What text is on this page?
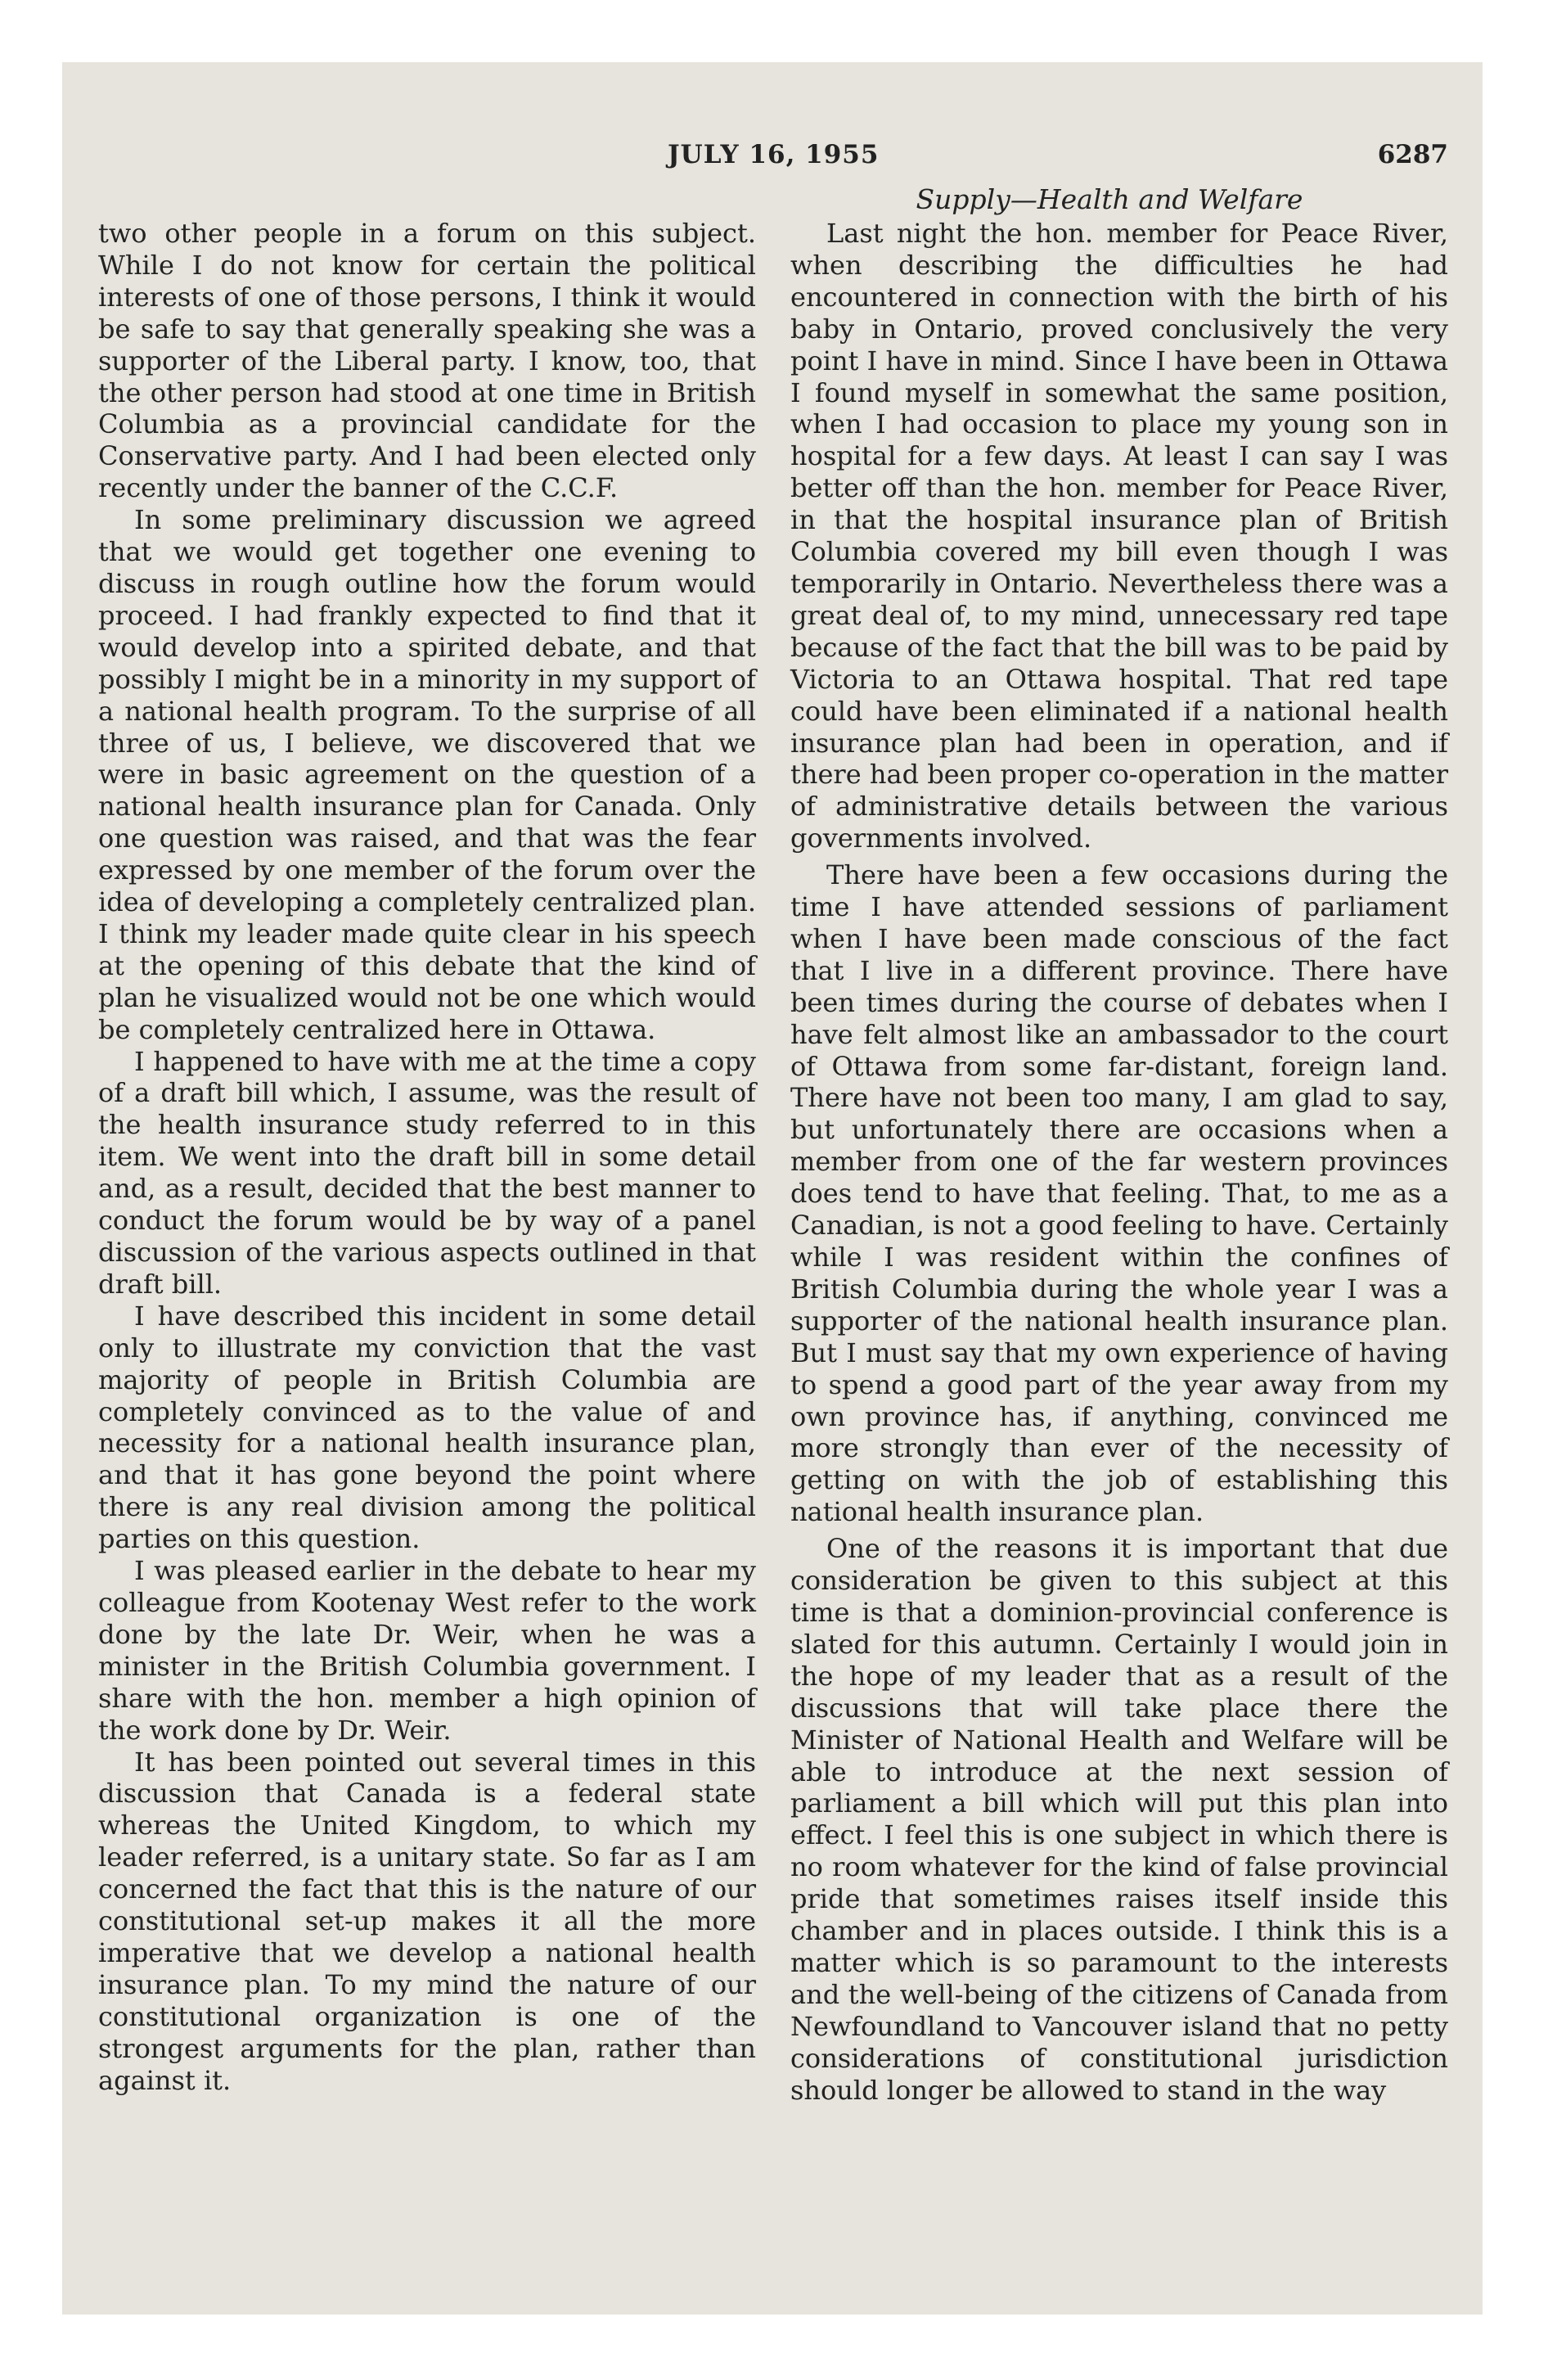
JULY 16, 1955	6287
Supply—Health and Welfare

two other people in a forum on this subject. While I do not know for certain the political interests of one of those persons, I think it would be safe to say that generally speaking she was a supporter of the Liberal party. I know, too, that the other person had stood at one time in British Columbia as a provincial candidate for the Conservative party. And I had been elected only recently under the banner of the C.C.F.

In some preliminary discussion we agreed that we would get together one evening to discuss in rough outline how the forum would proceed. I had frankly expected to find that it would develop into a spirited debate, and that possibly I might be in a minority in my support of a national health program. To the surprise of all three of us, I believe, we discovered that we were in basic agreement on the question of a national health insurance plan for Canada. Only one question was raised, and that was the fear expressed by one member of the forum over the idea of developing a completely centralized plan. I think my leader made quite clear in his speech at the opening of this debate that the kind of plan he visualized would not be one which would be completely centralized here in Ottawa.

I happened to have with me at the time a copy of a draft bill which, I assume, was the result of the health insurance study referred to in this item. We went into the draft bill in some detail and, as a result, decided that the best manner to conduct the forum would be by way of a panel discussion of the various aspects outlined in that draft bill.

I have described this incident in some detail only to illustrate my conviction that the vast majority of people in British Columbia are completely convinced as to the value of and necessity for a national health insurance plan, and that it has gone beyond the point where there is any real division among the political parties on this question.

I was pleased earlier in the debate to hear my colleague from Kootenay West refer to the work done by the late Dr. Weir, when he was a minister in the British Columbia government. I share with the hon. member a high opinion of the work done by Dr. Weir.

It has been pointed out several times in this discussion that Canada is a federal state whereas the United Kingdom, to which my leader referred, is a unitary state. So far as I am concerned the fact that this is the nature of our constitutional set-up makes it all the more imperative that we develop a national health insurance plan. To my mind the nature of our constitutional organization is one of the strongest arguments for the plan, rather than against it.

Last night the hon. member for Peace River, when describing the difficulties he had encountered in connection with the birth of his baby in Ontario, proved conclusively the very point I have in mind. Since I have been in Ottawa I found myself in somewhat the same position, when I had occasion to place my young son in hospital for a few days. At least I can say I was better off than the hon. member for Peace River, in that the hospital insurance plan of British Columbia covered my bill even though I was temporarily in Ontario. Nevertheless there was a great deal of, to my mind, unnecessary red tape because of the fact that the bill was to be paid by Victoria to an Ottawa hospital. That red tape could have been eliminated if a national health insurance plan had been in operation, and if there had been proper co-operation in the matter of administrative details between the various governments involved.

There have been a few occasions during the time I have attended sessions of parliament when I have been made conscious of the fact that I live in a different province. There have been times during the course of debates when I have felt almost like an ambassador to the court of Ottawa from some far-distant, foreign land. There have not been too many, I am glad to say, but unfortunately there are occasions when a member from one of the far western provinces does tend to have that feeling. That, to me as a Canadian, is not a good feeling to have. Certainly while I was resident within the confines of British Columbia during the whole year I was a supporter of the national health insurance plan. But I must say that my own experience of having to spend a good part of the year away from my own province has, if anything, convinced me more strongly than ever of the necessity of getting on with the job of establishing this national health insurance plan.

One of the reasons it is important that due consideration be given to this subject at this time is that a dominion-provincial conference is slated for this autumn. Certainly I would join in the hope of my leader that as a result of the discussions that will take place there the Minister of National Health and Welfare will be able to introduce at the next session of parliament a bill which will put this plan into effect. I feel this is one subject in which there is no room whatever for the kind of false provincial pride that sometimes raises itself inside this chamber and in places outside. I think this is a matter which is so paramount to the interests and the well-being of the citizens of Canada from Newfoundland to Vancouver island that no petty considerations of constitutional jurisdiction should longer be allowed to stand in the way
